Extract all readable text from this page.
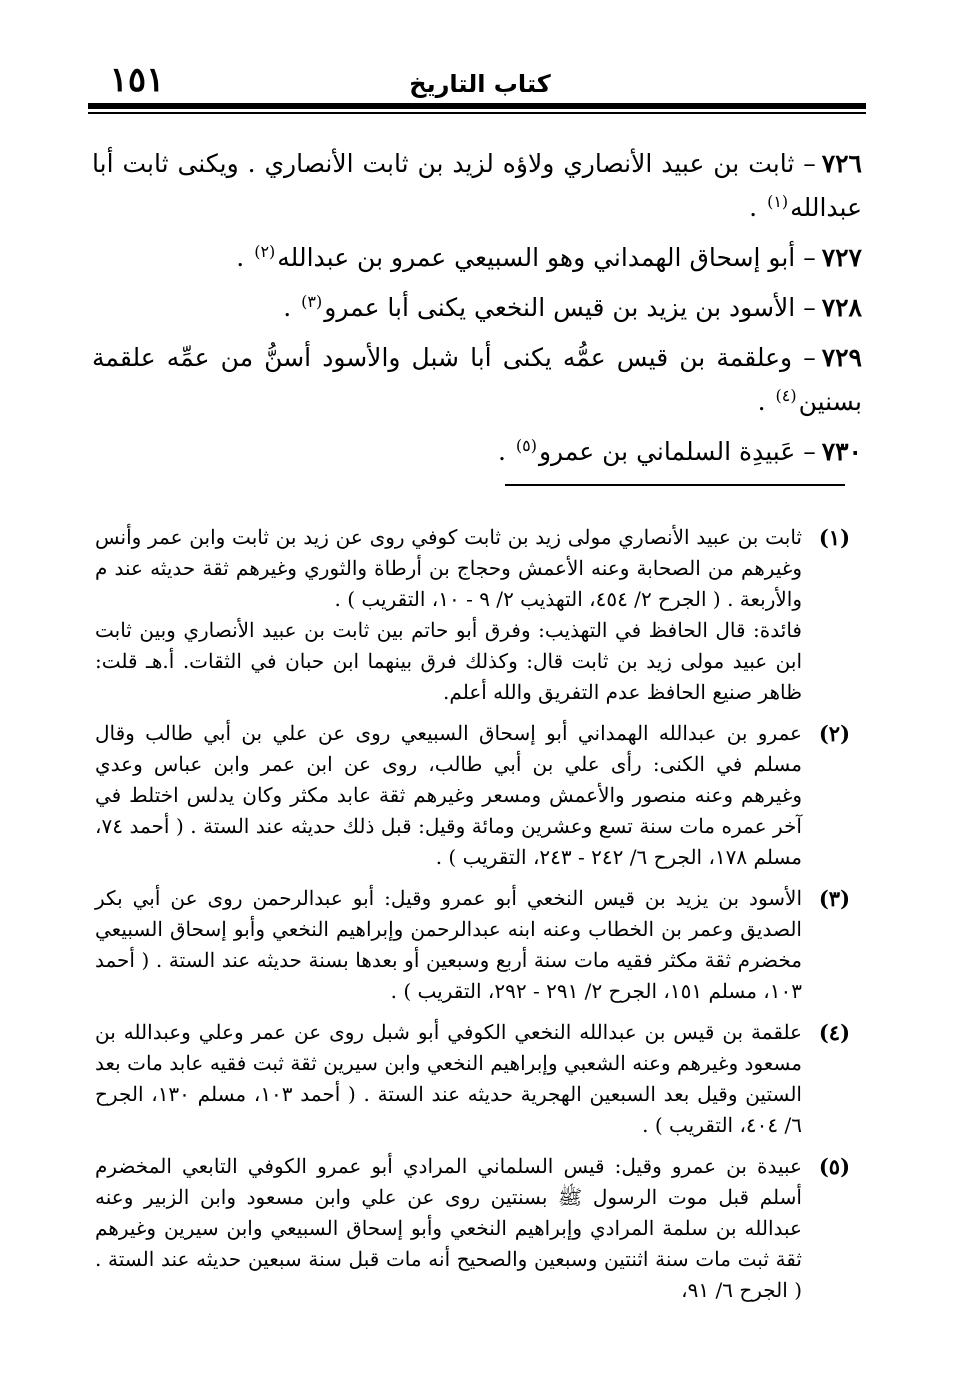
١٥١	كتاب التاريخ

٧٢٦– ثابت بن عبيد الأنصاري ولاؤه لزيد بن ثابت الأنصاري . ويكنى ثابت أبا عبدالله$^{(١)}$ .

٧٢٧– أبو إسحاق الهمداني وهو السبيعي عمرو بن عبدالله$^{(٢)}$ .

٧٢٨– الأسود بن يزيد بن قيس النخعي يكنى أبا عمرو$^{(٣)}$ .

٧٢٩– وعلقمة بن قيس عمُّه يكنى أبا شبل والأسود أسنُّ من عمِّه علقمة بسنين$^{(٤)}$ .

٧٣٠– عَبيدِة السلماني بن عمرو$^{(٥)}$ .

(١)

ثابت بن عبيد الأنصاري مولى زيد بن ثابت كوفي روى عن زيد بن ثابت وابن عمر وأنس وغيرهم من الصحابة وعنه الأعمش وحجاج بن أرطاة والثوري وغيرهم ثقة حديثه عند م والأربعة . ( الجرح ٢/ ٤٥٤، التهذيب ٢/ ٩ - ١٠، التقريب ) .

فائدة: قال الحافظ في التهذيب: وفرق أبو حاتم بين ثابت بن عبيد الأنصاري وبين ثابت ابن عبيد مولى زيد بن ثابت قال: وكذلك فرق بينهما ابن حبان في الثقات. أ.هـ قلت: ظاهر صنيع الحافظ عدم التفريق والله أعلم.

(٢)

عمرو بن عبدالله الهمداني أبو إسحاق السبيعي روى عن علي بن أبي طالب وقال مسلم في الكنى: رأى علي بن أبي طالب، روى عن ابن عمر وابن عباس وعدي وغيرهم وعنه منصور والأعمش ومسعر وغيرهم ثقة عابد مكثر وكان يدلس اختلط في آخر عمره مات سنة تسع وعشرين ومائة وقيل: قبل ذلك حديثه عند الستة . ( أحمد ٧٤، مسلم ١٧٨، الجرح ٦/ ٢٤٢ - ٢٤٣، التقريب ) .

(٣)

الأسود بن يزيد بن قيس النخعي أبو عمرو وقيل: أبو عبدالرحمن روى عن أبي بكر الصديق وعمر بن الخطاب وعنه ابنه عبدالرحمن وإبراهيم النخعي وأبو إسحاق السبيعي مخضرم ثقة مكثر فقيه مات سنة أربع وسبعين أو بعدها بسنة حديثه عند الستة . ( أحمد ١٠٣، مسلم ١٥١، الجرح ٢/ ٢٩١ - ٢٩٢، التقريب ) .

(٤)

علقمة بن قيس بن عبدالله النخعي الكوفي أبو شبل روى عن عمر وعلي وعبدالله بن مسعود وغيرهم وعنه الشعبي وإبراهيم النخعي وابن سيرين ثقة ثبت فقيه عابد مات بعد الستين وقيل بعد السبعين الهجرية حديثه عند الستة . ( أحمد ١٠٣، مسلم ١٣٠، الجرح ٦/ ٤٠٤، التقريب ) .

(٥)

عبيدة بن عمرو وقيل: قيس السلماني المرادي أبو عمرو الكوفي التابعي المخضرم أسلم قبل موت الرسول ﷺ بسنتين روى عن علي وابن مسعود وابن الزبير وعنه عبدالله بن سلمة المرادي وإبراهيم النخعي وأبو إسحاق السبيعي وابن سيرين وغيرهم ثقة ثبت مات سنة اثنتين وسبعين والصحيح أنه مات قبل سنة سبعين حديثه عند الستة . ( الجرح ٦/ ٩١،
